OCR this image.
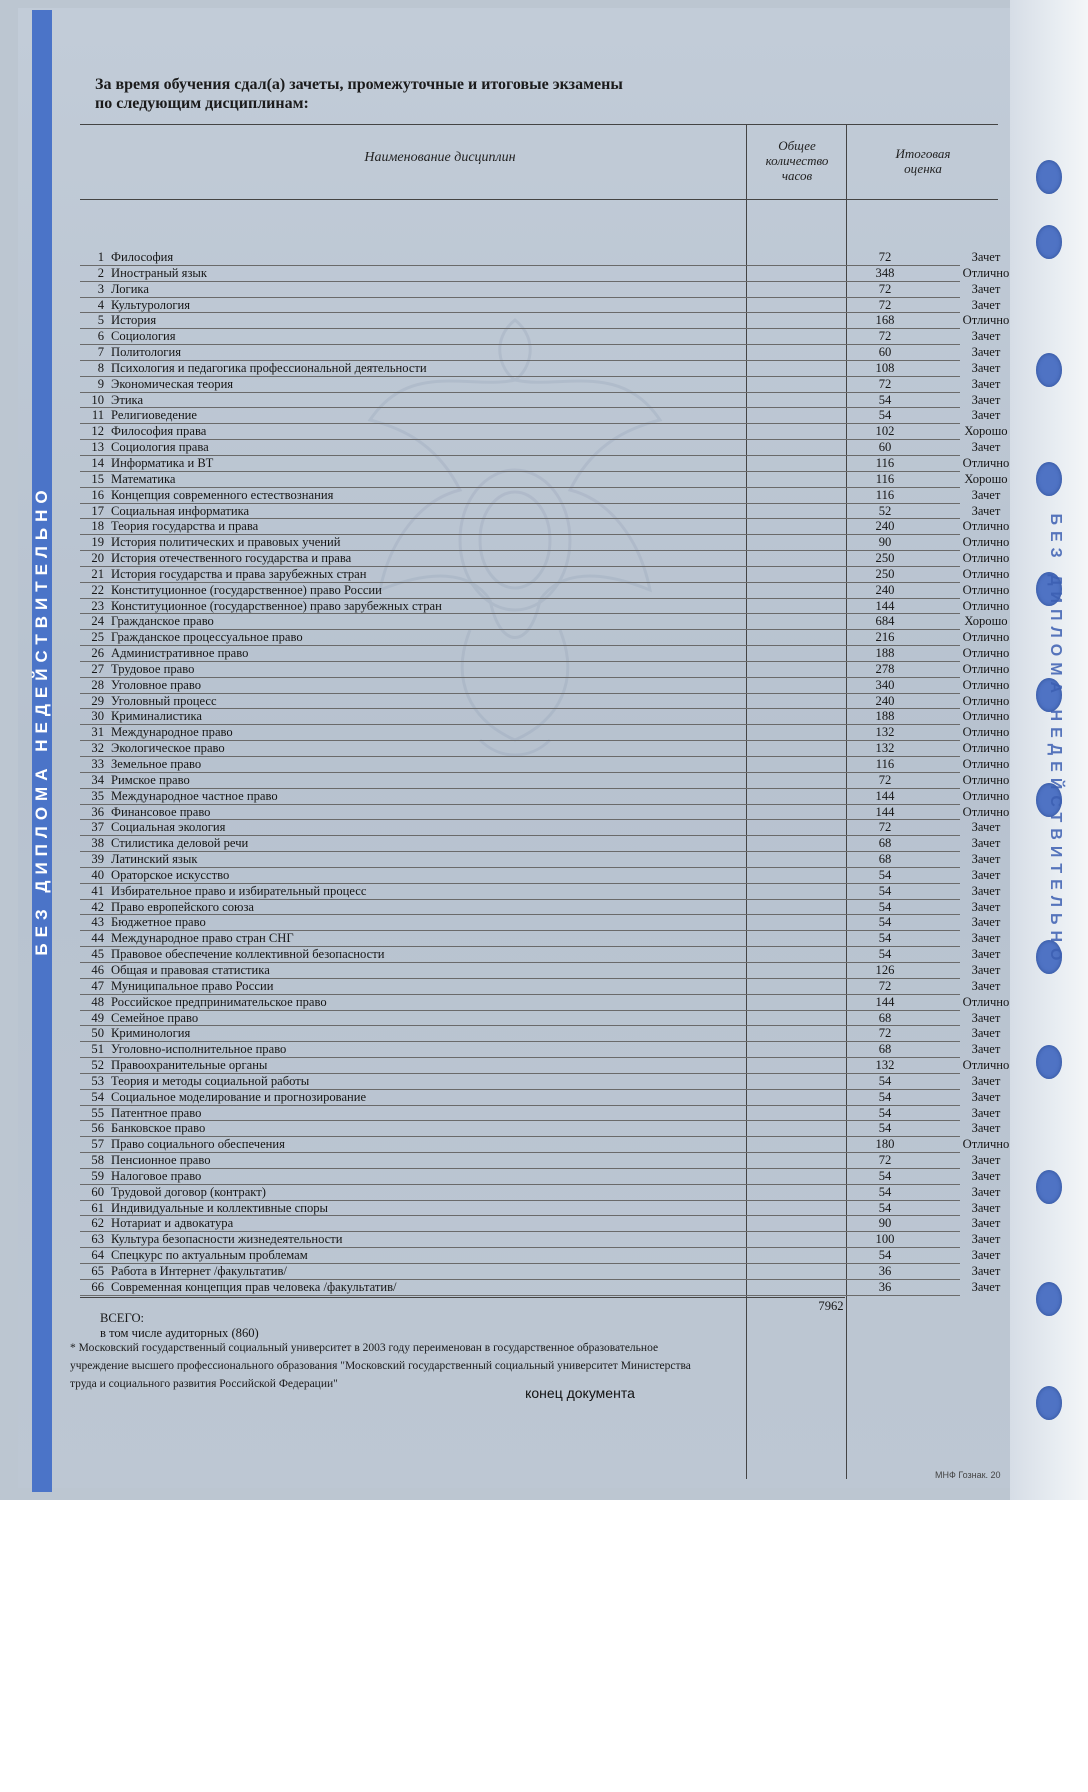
БЕЗ ДИПЛОМА НЕДЕЙСТВИТЕЛЬНО	БЕЗ ДИПЛОМА НЕДЕЙСТВИТЕЛЬНО
За время обучения сдал(а) зачеты, промежуточные и итоговые экзамены
по следующим дисциплинам:
Наименование дисциплин
Общее
количество
часов
Итоговая
оценка
1 Философия	72	Зачет
2 Иностраный язык	348	Отлично
3 Логика	72	Зачет
4 Культурология	72	Зачет
5 История	168	Отлично
6 Социология	72	Зачет
7 Политология	60	Зачет
8 Психология и педагогика профессиональной деятельности	108	Зачет
9 Экономическая теория	72	Зачет
10 Этика	54	Зачет
11 Религиоведение	54	Зачет
12 Философия права	102	Хорошо
13 Социология права	60	Зачет
14 Информатика и ВТ	116	Отлично
15 Математика	116	Хорошо
16 Концепция современного естествознания	116	Зачет
17 Социальная информатика	52	Зачет
18 Теория государства и права	240	Отлично
19 История политических и правовых учений	90	Отлично
20 История отечественного государства и права	250	Отлично
21 История государства и права зарубежных стран	250	Отлично
22 Конституционное (государственное) право России	240	Отлично
23 Конституционное (государственное) право зарубежных стран	144	Отлично
24 Гражданское право	684	Хорошо
25 Гражданское процессуальное право	216	Отлично
26 Административное право	188	Отлично
27 Трудовое право	278	Отлично
28 Уголовное право	340	Отлично
29 Уголовный процесс	240	Отлично
30 Криминалистика	188	Отлично
31 Международное право	132	Отлично
32 Экологическое право	132	Отлично
33 Земельное право	116	Отлично
34 Римское право	72	Отлично
35 Международное частное право	144	Отлично
36 Финансовое право	144	Отлично
37 Социальная экология	72	Зачет
38 Стилистика деловой речи	68	Зачет
39 Латинский язык	68	Зачет
40 Ораторское искусство	54	Зачет
41 Избирательное право и избирательный процесс	54	Зачет
42 Право европейского союза	54	Зачет
43 Бюджетное право	54	Зачет
44 Международное право стран СНГ	54	Зачет
45 Правовое обеспечение коллективной безопасности	54	Зачет
46 Общая и правовая статистика	126	Зачет
47 Муниципальное право России	72	Зачет
48 Российское предпринимательское право	144	Отлично
49 Семейное право	68	Зачет
50 Криминология	72	Зачет
51 Уголовно-исполнительное право	68	Зачет
52 Правоохранительные органы	132	Отлично
53 Теория и методы социальной работы	54	Зачет
54 Социальное моделирование и прогнозирование	54	Зачет
55 Патентное право	54	Зачет
56 Банковское право	54	Зачет
57 Право социального обеспечения	180	Отлично
58 Пенсионное право	72	Зачет
59 Налоговое право	54	Зачет
60 Трудовой договор (контракт)	54	Зачет
61 Индивидуальные и коллективные споры	54	Зачет
62 Нотариат и адвокатура	90	Зачет
63 Культура безопасности жизнедеятельности	100	Зачет
64 Спецкурс по актуальным проблемам	54	Зачет
65 Работа в Интернет /факультатив/	36	Зачет
66 Современная концепция прав человека /факультатив/	36	Зачет
ВСЕГО:
в том числе аудиторных (860)
7962
* Московский государственный социальный университет в 2003 году переименован в государственное образовательное
учреждение высшего профессионального образования "Московский государственный социальный университет Министерства
труда и социального развития Российской Федерации"
конец документа
МНФ Гознак. 20
